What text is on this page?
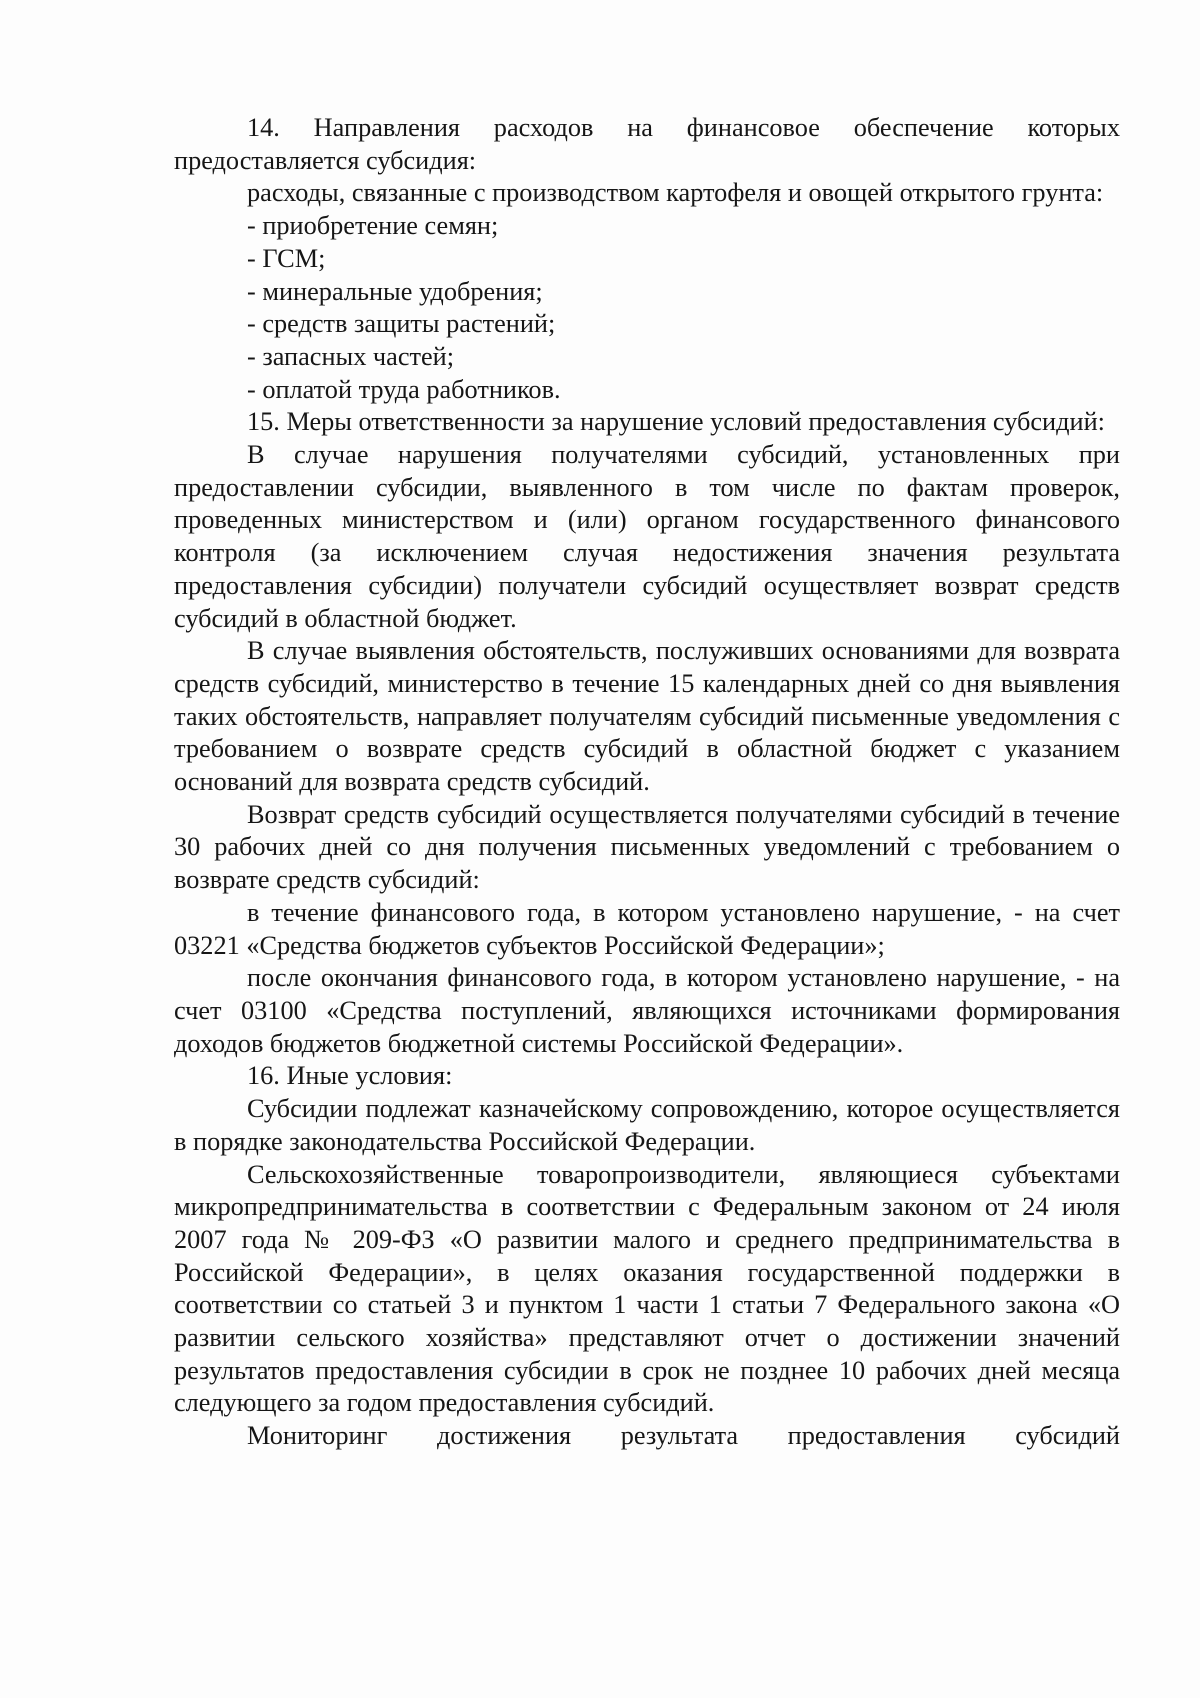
14. Направления расходов на финансовое обеспечение которых предоставляется субсидия:

расходы, связанные с производством картофеля и овощей открытого грунта:

- приобретение семян;

- ГСМ;

- минеральные удобрения;

- средств защиты растений;

- запасных частей;

- оплатой труда работников.

15. Меры ответственности за нарушение условий предоставления субсидий:

В случае нарушения получателями субсидий, установленных при предоставлении субсидии, выявленного в том числе по фактам проверок, проведенных министерством и (или) органом государственного финансового контроля (за исключением случая недостижения значения результата предоставления субсидии) получатели субсидий осуществляет возврат средств субсидий в областной бюджет.

В случае выявления обстоятельств, послуживших основаниями для возврата средств субсидий, министерство в течение 15 календарных дней со дня выявления таких обстоятельств, направляет получателям субсидий письменные уведомления с требованием о возврате средств субсидий в областной бюджет с указанием оснований для возврата средств субсидий.

Возврат средств субсидий осуществляется получателями субсидий в течение 30 рабочих дней со дня получения письменных уведомлений с требованием о возврате средств субсидий:

в течение финансового года, в котором установлено нарушение, - на счет 03221 «Средства бюджетов субъектов Российской Федерации»;

после окончания финансового года, в котором установлено нарушение, - на счет 03100 «Средства поступлений, являющихся источниками формирования доходов бюджетов бюджетной системы Российской Федерации».

16. Иные условия:

Субсидии подлежат казначейскому сопровождению, которое осуществляется в порядке законодательства Российской Федерации.

Сельскохозяйственные товаропроизводители, являющиеся субъектами микропредпринимательства в соответствии с Федеральным законом от 24 июля 2007 года № 209-ФЗ «О развитии малого и среднего предпринимательства в Российской Федерации», в целях оказания государственной поддержки в соответствии со статьей 3 и пунктом 1 части 1 статьи 7 Федерального закона «О развитии сельского хозяйства» представляют отчет о достижении значений результатов предоставления субсидии в срок не позднее 10 рабочих дней месяца следующего за годом предоставления субсидий.

Мониторинг достижения результата предоставления субсидий
